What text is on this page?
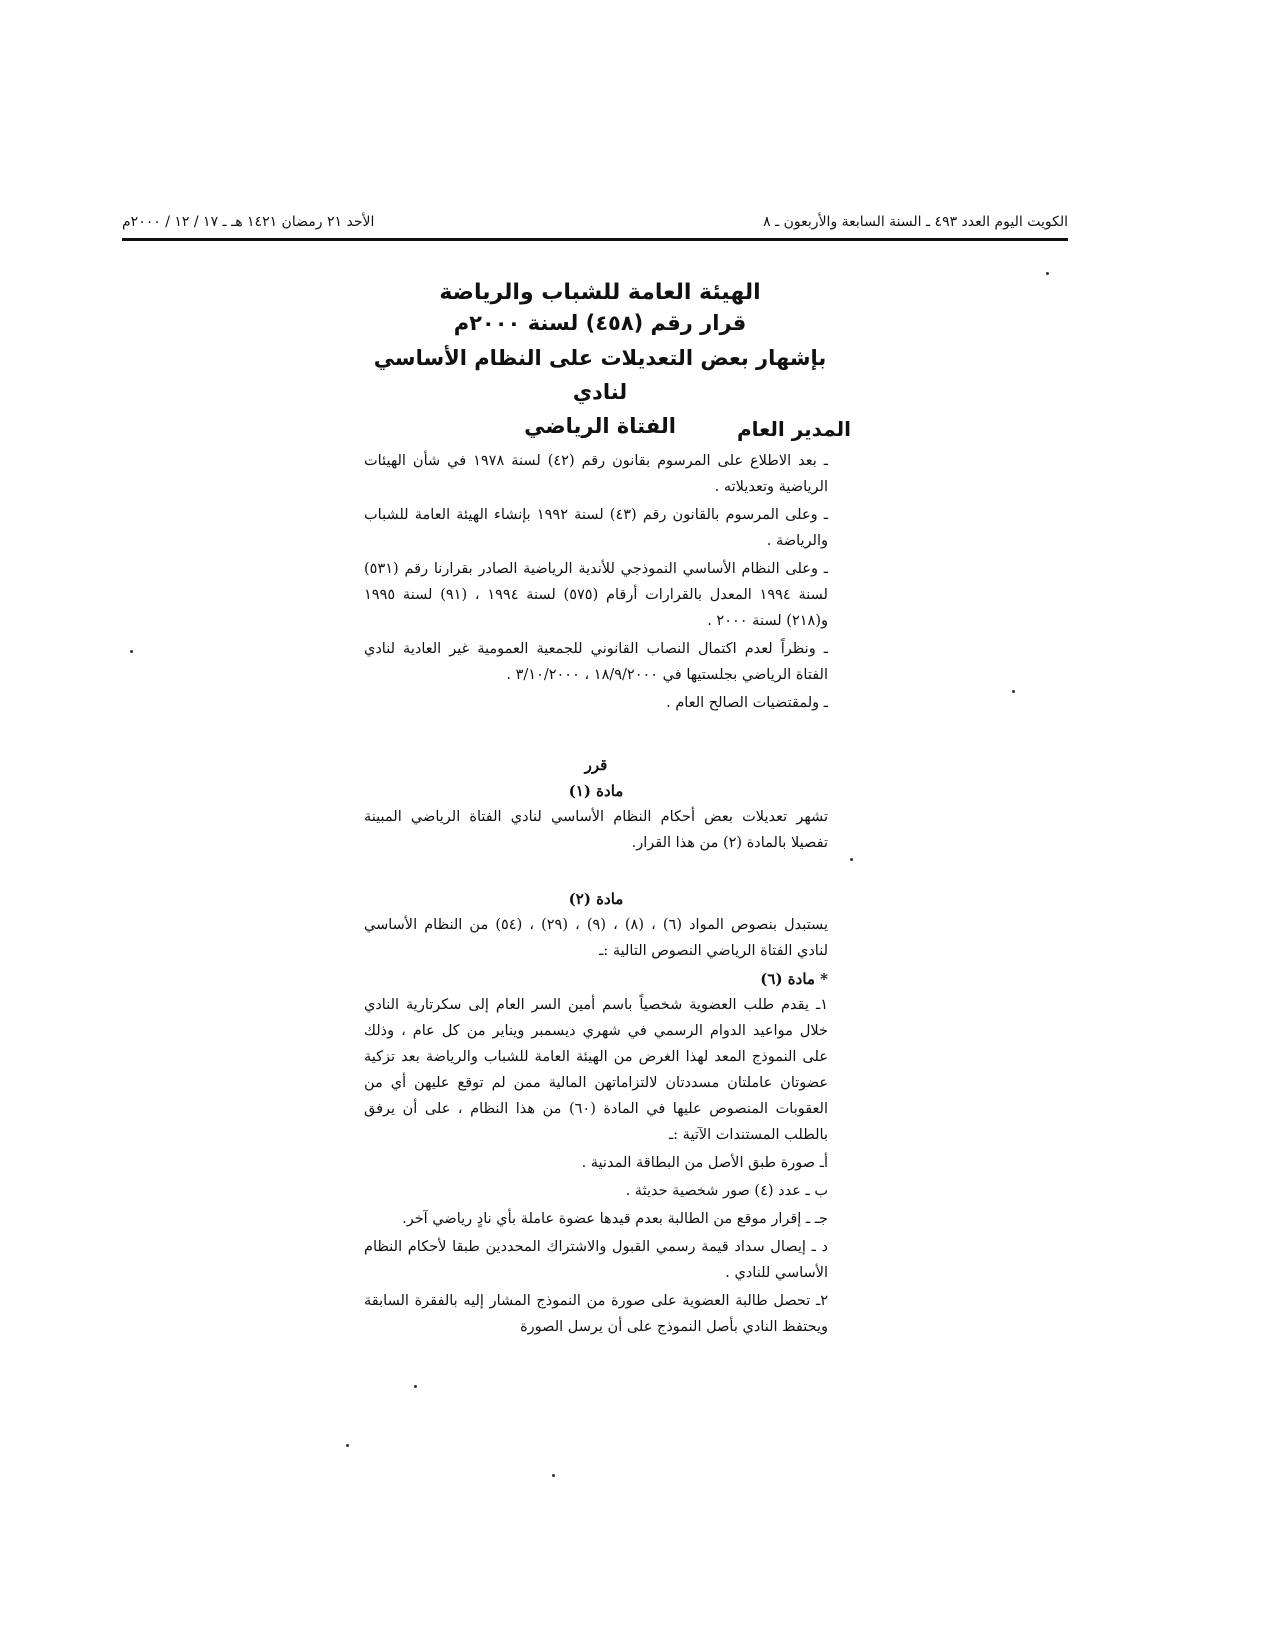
الكويت اليوم العدد ٤٩٣ ـ السنة السابعة والأربعون ـ ٨
الأحد ٢١ رمضان ١٤٢١ هـ ـ ١٧ / ١٢ / ٢٠٠٠م
الهيئة العامة للشباب والرياضة
قرار رقم (٤٥٨) لسنة ٢٠٠٠م
بإشهار بعض التعديلات على النظام الأساسي لنادي
الفتاة الرياضي	المدير العام

ـ بعد الاطلاع على المرسوم بقانون رقم (٤٢) لسنة ١٩٧٨ في شأن الهيئات الرياضية وتعديلاته .

ـ وعلى المرسوم بالقانون رقم (٤٣) لسنة ١٩٩٢ بإنشاء الهيئة العامة للشباب والرياضة .

ـ وعلى النظام الأساسي النموذجي للأندية الرياضية الصادر بقرارنا رقم (٥٣١) لسنة ١٩٩٤ المعدل بالقرارات أرقام (٥٧٥) لسنة ١٩٩٤ ، (٩١) لسنة ١٩٩٥ و(٢١٨) لسنة ٢٠٠٠ .

ـ ونظراً لعدم اكتمال النصاب القانوني للجمعية العمومية غير العادية لنادي الفتاة الرياضي بجلستيها في ١٨/٩/٢٠٠٠ ، ٣/١٠/٢٠٠٠ .

ـ ولمقتضيات الصالح العام .

قرر
مادة (١)

تشهر تعديلات بعض أحكام النظام الأساسي لنادي الفتاة الرياضي المبينة تفصيلا بالمادة (٢) من هذا القرار.

مادة (٢)

يستبدل بنصوص المواد (٦) ، (٨) ، (٩) ، (٢٩) ، (٥٤) من النظام الأساسي لنادي الفتاة الرياضي النصوص التالية :ـ

* مادة (٦)

١ـ يقدم طلب العضوية شخصياً باسم أمين السر العام إلى سكرتارية النادي خلال مواعيد الدوام الرسمي في شهري ديسمبر ويناير من كل عام ، وذلك على النموذج المعد لهذا الغرض من الهيئة العامة للشباب والرياضة بعد تزكية عضوتان عاملتان مسددتان لالتزاماتهن المالية ممن لم توقع عليهن أي من العقوبات المنصوص عليها في المادة (٦٠) من هذا النظام ، على أن يرفق بالطلب المستندات الآتية :ـ

أـ صورة طبق الأصل من البطاقة المدنية .

ب ـ عدد (٤) صور شخصية حديثة .

جـ ـ إقرار موقع من الطالبة بعدم قيدها عضوة عاملة بأي نادٍ رياضي آخر.

د ـ إيصال سداد قيمة رسمي القبول والاشتراك المحددين طبقا لأحكام النظام الأساسي للنادي .

٢ـ تحصل طالبة العضوية على صورة من النموذج المشار إليه بالفقرة السابقة ويحتفظ النادي بأصل النموذج على أن يرسل الصورة
